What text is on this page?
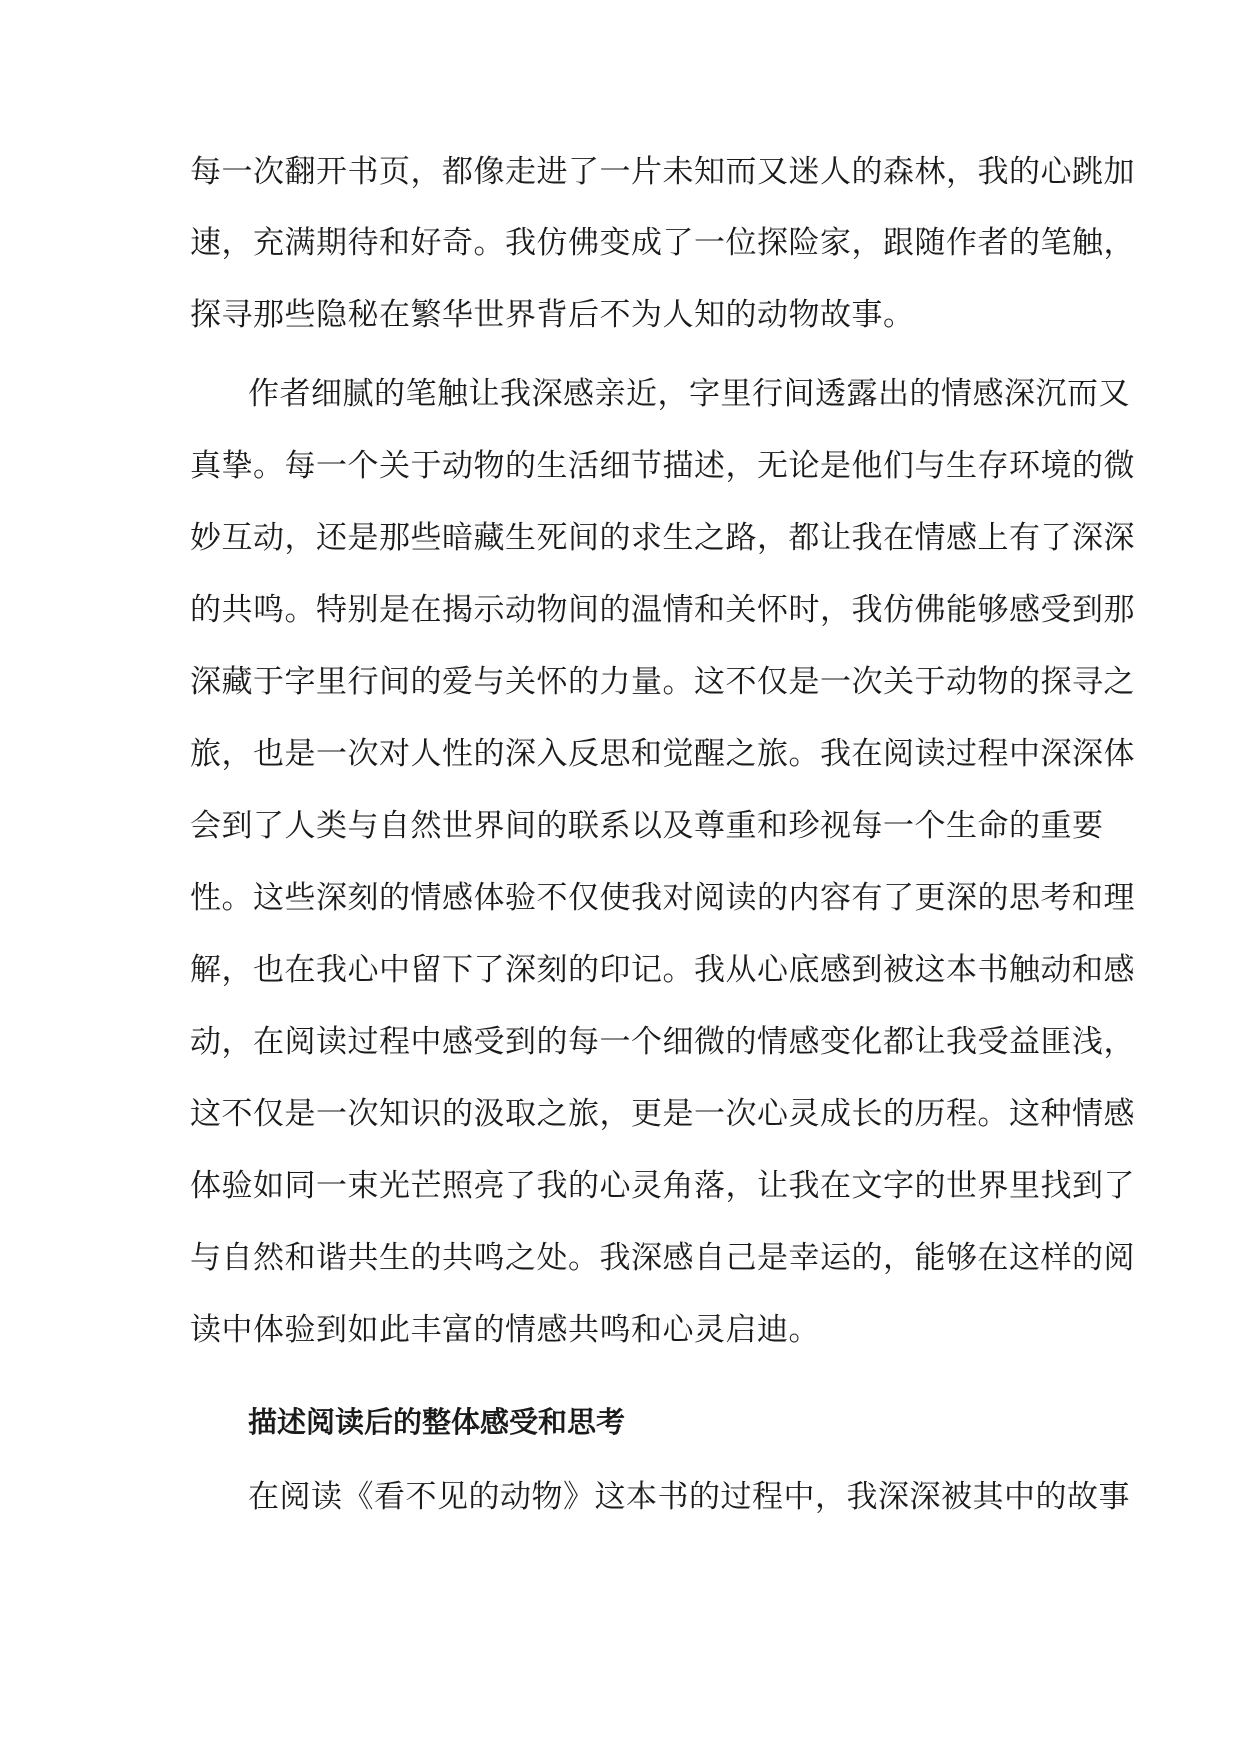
每一次翻开书页，都像走进了一片未知而又迷人的森林，我的心跳加
速，充满期待和好奇。我仿佛变成了一位探险家，跟随作者的笔触，
探寻那些隐秘在繁华世界背后不为人知的动物故事。
作者细腻的笔触让我深感亲近，字里行间透露出的情感深沉而又
真挚。每一个关于动物的生活细节描述，无论是他们与生存环境的微
妙互动，还是那些暗藏生死间的求生之路，都让我在情感上有了深深
的共鸣。特别是在揭示动物间的温情和关怀时，我仿佛能够感受到那
深藏于字里行间的爱与关怀的力量。这不仅是一次关于动物的探寻之
旅，也是一次对人性的深入反思和觉醒之旅。我在阅读过程中深深体
会到了人类与自然世界间的联系以及尊重和珍视每一个生命的重要
性。这些深刻的情感体验不仅使我对阅读的内容有了更深的思考和理
解，也在我心中留下了深刻的印记。我从心底感到被这本书触动和感
动，在阅读过程中感受到的每一个细微的情感变化都让我受益匪浅，
这不仅是一次知识的汲取之旅，更是一次心灵成长的历程。这种情感
体验如同一束光芒照亮了我的心灵角落，让我在文字的世界里找到了
与自然和谐共生的共鸣之处。我深感自己是幸运的，能够在这样的阅
读中体验到如此丰富的情感共鸣和心灵启迪。
描述阅读后的整体感受和思考
在阅读《看不见的动物》这本书的过程中，我深深被其中的故事
